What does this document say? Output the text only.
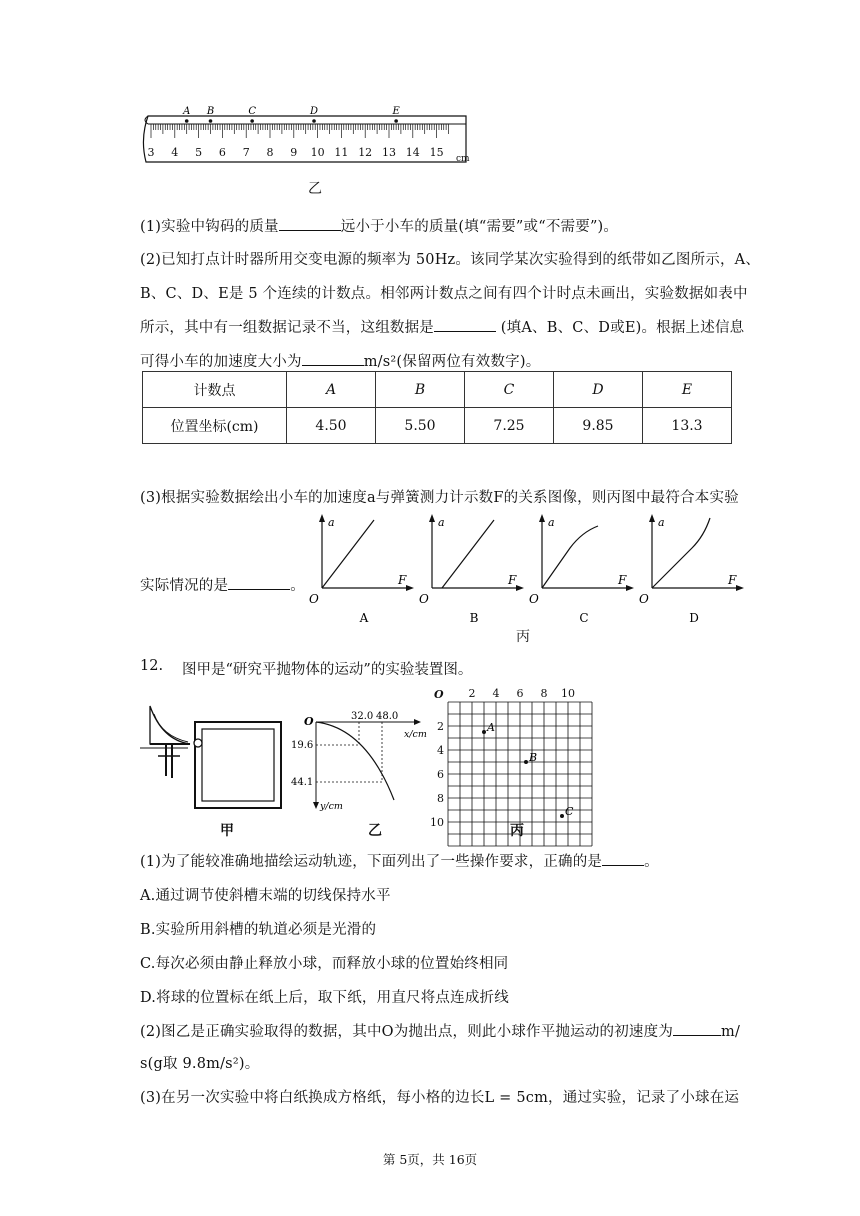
3 4 5 6 7 8 9 10 11 12 13 14 15 cm
A B	C	D	E
乙
(1)实验中钩码的质量	远小于小车的质量(填“需要”或“不需要”)。
(2)已知打点计时器所用交变电源的频率为 50Hz。该同学某次实验得到的纸带如乙图所示，A、
B、C、D、E是 5 个连续的计数点。相邻两计数点之间有四个计时点未画出，实验数据如表中
所示，其中有一组数据记录不当，这组数据是	(填A、B、C、D或E)。根据上述信息
可得小车的加速度大小为	m/s²(保留两位有效数字)。
计数点	A	B	C	D	E
位置坐标(cm)	4.50	5.50	7.25	9.85	13.3
(3)根据实验数据绘出小车的加速度a与弹簧测力计示数F的关系图像，则丙图中最符合本实验
实际情况的是	。
a
F
O
A
a
F
O
B
a
F
O
C
a
F
O
D
丙
12. 图甲是“研究平抛物体的运动”的实验装置图。
O	32.0 48.0
x/cm
19.6
44.1
y/cm
O 2 4 6 8 10
2
4
6
8
10
A
B
C
甲	乙	丙
(1)为了能较准确地描绘运动轨迹，下面列出了一些操作要求，正确的是	。
A.通过调节使斜槽末端的切线保持水平
B.实验所用斜槽的轨道必须是光滑的
C.每次必须由静止释放小球，而释放小球的位置始终相同
D.将球的位置标在纸上后，取下纸，用直尺将点连成折线
(2)图乙是正确实验取得的数据，其中O为抛出点，则此小球作平抛运动的初速度为	m/
s(g取 9.8m/s²)。
(3)在另一次实验中将白纸换成方格纸，每小格的边长L = 5cm，通过实验，记录了小球在运
第 5页，共 16页
